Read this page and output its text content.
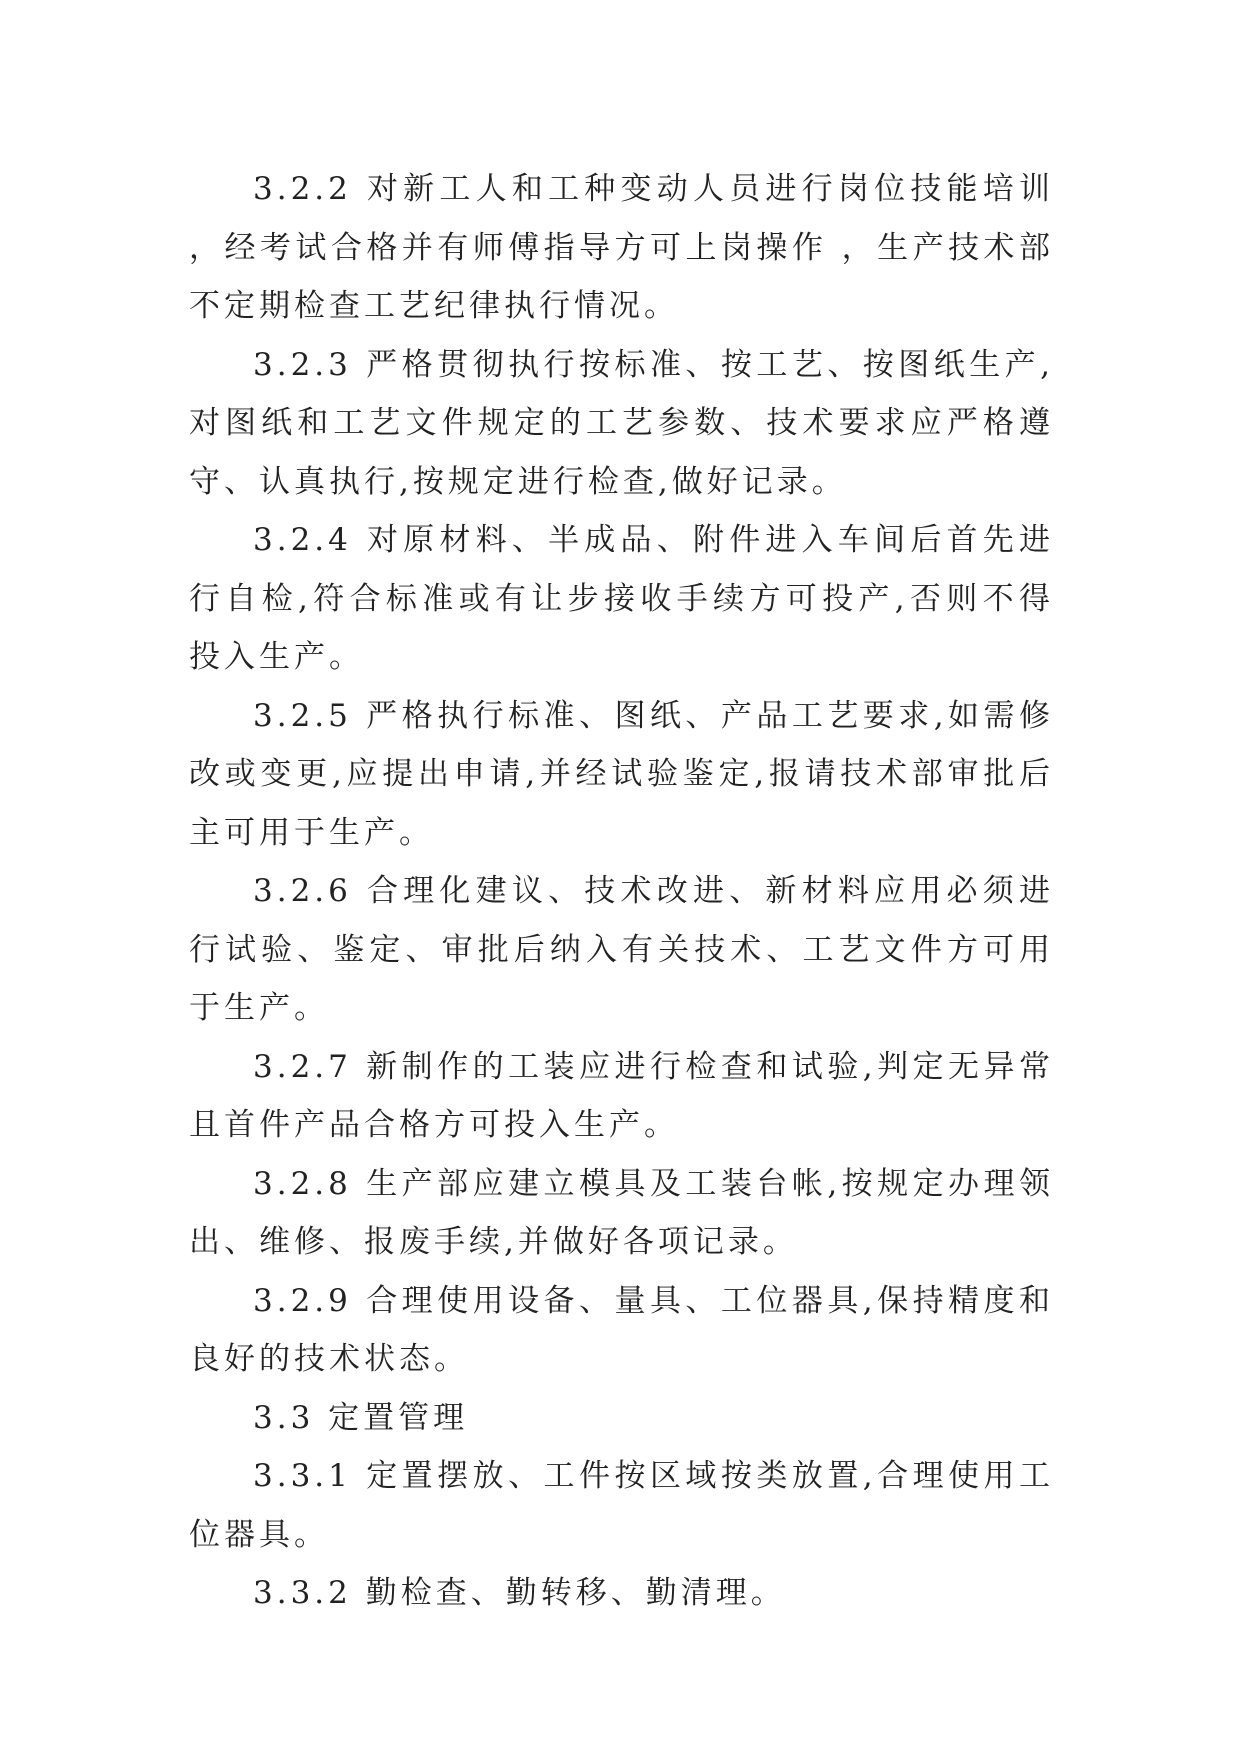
3.2.2 对新工人和工种变动人员进行岗位技能培训 ，经考试合格并有师傅指导方可上岗操作 ，生产技术部不定期检查工艺纪律执行情况。

3.2.3 严格贯彻执行按标准、按工艺、按图纸生产,对图纸和工艺文件规定的工艺参数、技术要求应严格遵守、认真执行,按规定进行检查,做好记录。

3.2.4 对原材料、半成品、附件进入车间后首先进行自检,符合标准或有让步接收手续方可投产,否则不得投入生产。

3.2.5 严格执行标准、图纸、产品工艺要求,如需修改或变更,应提出申请,并经试验鉴定,报请技术部审批后主可用于生产。

3.2.6 合理化建议、技术改进、新材料应用必须进行试验、鉴定、审批后纳入有关技术、工艺文件方可用于生产。

3.2.7 新制作的工装应进行检查和试验,判定无异常且首件产品合格方可投入生产。

3.2.8 生产部应建立模具及工装台帐,按规定办理领出、维修、报废手续,并做好各项记录。

3.2.9 合理使用设备、量具、工位器具,保持精度和良好的技术状态。

3.3 定置管理

3.3.1 定置摆放、工件按区域按类放置,合理使用工位器具。

3.3.2 勤检查、勤转移、勤清理。
